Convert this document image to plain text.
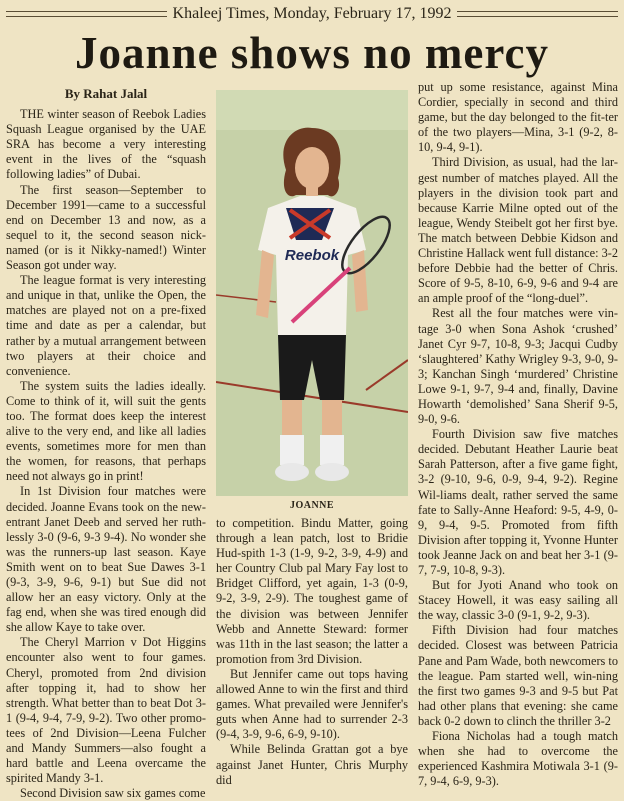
Khaleej Times, Monday, February 17, 1992
Joanne shows no mercy

By Rahat Jalal

THE winter season of Reebok Ladies Squash League organised by the UAE SRA has become a very interesting event in the lives of the “squash following ladies” of Dubai.

The first season—September to December 1991—came to a successful end on December 13 and now, as a sequel to it, the second season nick-named (or is it Nikky-named!) Winter Season got under way.

The league format is very interesting and unique in that, unlike the Open, the matches are played not on a pre-fixed time and date as per a calendar, but rather by a mutual arrangement between two players at their choice and convenience.

The system suits the ladies ideally. Come to think of it, will suit the gents too. The format does keep the interest alive to the very end, and like all ladies events, sometimes more for men than the women, for reasons, that perhaps need not always go in print!

In 1st Division four matches were decided. Joanne Evans took on the new-entrant Janet Deeb and served her ruth-lessly 3-0 (9-6, 9-3 9-4). No wonder she was the runners-up last season. Kaye Smith went on to beat Sue Dawes 3-1 (9-3, 3-9, 9-6, 9-1) but Sue did not allow her an easy victory. Only at the fag end, when she was tired enough did she allow Kaye to take over.

The Cheryl Marrion v Dot Higgins encounter also went to four games. Cheryl, promoted from 2nd division after topping it, had to show her strength. What better than to beat Dot 3-1 (9-4, 9-4, 7-9, 9-2). Two other promo-tees of 2nd Division—Leena Fulcher and Mandy Summers—also fought a hard battle and Leena overcame the spirited Mandy 3-1.

Second Division saw six games come

Reebok
JOANNE

to competition. Bindu Matter, going through a lean patch, lost to Bridie Hud-spith 1-3 (1-9, 9-2, 3-9, 4-9) and her Country Club pal Mary Fay lost to Bridget Clifford, yet again, 1-3 (0-9, 9-2, 3-9, 2-9). The toughest game of the division was between Jennifer Webb and Annette Steward: former was 11th in the last season; the latter a promotion from 3rd Division.

But Jennifer came out tops having allowed Anne to win the first and third games. What prevailed were Jennifer's guts when Anne had to surrender 2-3 (9-4, 3-9, 9-6, 6-9, 9-10).

While Belinda Grattan got a bye against Janet Hunter, Chris Murphy did

put up some resistance, against Mina Cordier, specially in second and third game, but the day belonged to the fit-ter of the two players—Mina, 3-1 (9-2, 8-10, 9-4, 9-1).

Third Division, as usual, had the lar-gest number of matches played. All the players in the division took part and because Karrie Milne opted out of the league, Wendy Steibelt got her first bye. The match between Debbie Kidson and Christine Hallack went full distance: 3-2 before Debbie had the better of Chris. Score of 9-5, 8-10, 6-9, 9-6 and 9-4 are an ample proof of the “long-duel”.

Rest all the four matches were vin-tage 3-0 when Sona Ashok ‘crushed’ Janet Cyr 9-7, 10-8, 9-3; Jacqui Cudby ‘slaughtered’ Kathy Wrigley 9-3, 9-0, 9-3; Kanchan Singh ‘murdered’ Christine Lowe 9-1, 9-7, 9-4 and, finally, Davine Howarth ‘demolished’ Sana Sherif 9-5, 9-0, 9-6.

Fourth Division saw five matches decided. Debutant Heather Laurie beat Sarah Patterson, after a five game fight, 3-2 (9-10, 9-6, 0-9, 9-4, 9-2). Regine Wil-liams dealt, rather served the same fate to Sally-Anne Heaford: 9-5, 4-9, 0-9, 9-4, 9-5. Promoted from fifth Division after topping it, Yvonne Hunter took Jeanne Jack on and beat her 3-1 (9-7, 7-9, 10-8, 9-3).

But for Jyoti Anand who took on Stacey Howell, it was easy sailing all the way, classic 3-0 (9-1, 9-2, 9-3).

Fifth Division had four matches decided. Closest was between Patricia Pane and Pam Wade, both newcomers to the league. Pam started well, win-ning the first two games 9-3 and 9-5 but Pat had other plans that evening: she came back 0-2 down to clinch the thriller 3-2

Fiona Nicholas had a tough match when she had to overcome the experienced Kashmira Motiwala 3-1 (9-7, 9-4, 6-9, 9-3).
